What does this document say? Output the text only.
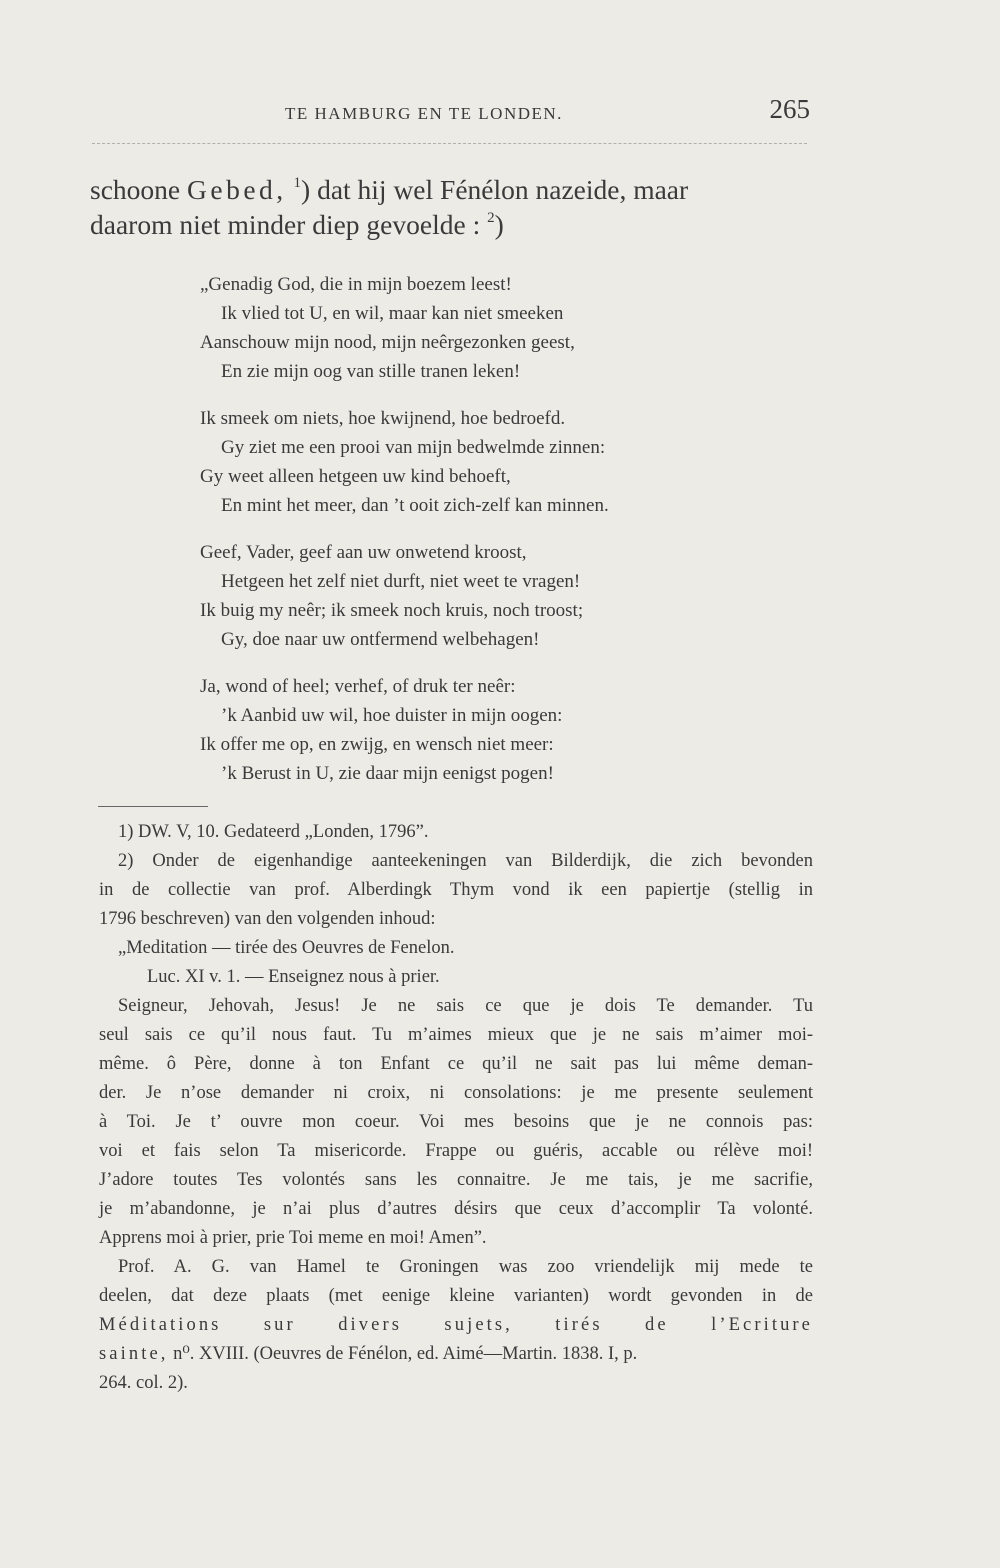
TE HAMBURG EN TE LONDEN.	265
schoone Gebed, $^1$) dat hij wel Fénélon nazeide, maar
daarom niet minder diep gevoelde : $^2$)
„Genadig God, die in mijn boezem leest!
Ik vlied tot U, en wil, maar kan niet smeeken
Aanschouw mijn nood, mijn neêrgezonken geest,
En zie mijn oog van stille tranen leken!
Ik smeek om niets, hoe kwijnend, hoe bedroefd.
Gy ziet me een prooi van mijn bedwelmde zinnen:
Gy weet alleen hetgeen uw kind behoeft,
En mint het meer, dan ’t ooit zich-zelf kan minnen.
Geef, Vader, geef aan uw onwetend kroost,
Hetgeen het zelf niet durft, niet weet te vragen!
Ik buig my neêr; ik smeek noch kruis, noch troost;
Gy, doe naar uw ontfermend welbehagen!
Ja, wond of heel; verhef, of druk ter neêr:
’k Aanbid uw wil, hoe duister in mijn oogen:
Ik offer me op, en zwijg, en wensch niet meer:
’k Berust in U, zie daar mijn eenigst pogen!
1) DW. V, 10. Gedateerd „Londen, 1796”.
2) Onder de eigenhandige aanteekeningen van Bilderdijk, die zich bevonden
in de collectie van prof. Alberdingk Thym vond ik een papiertje (stellig in
1796 beschreven) van den volgenden inhoud:
„Meditation — tirée des Oeuvres de Fenelon.
Luc. XI v. 1. — Enseignez nous à prier.
Seigneur, Jehovah, Jesus! Je ne sais ce que je dois Te demander. Tu
seul sais ce qu’il nous faut. Tu m’aimes mieux que je ne sais m’aimer moi-
même. ô Père, donne à ton Enfant ce qu’il ne sait pas lui même deman-
der. Je n’ose demander ni croix, ni consolations: je me presente seulement
à Toi. Je t’ ouvre mon coeur. Voi mes besoins que je ne connois pas:
voi et fais selon Ta misericorde. Frappe ou guéris, accable ou rélève moi!
J’adore toutes Tes volontés sans les connaitre. Je me tais, je me sacrifie,
je m’abandonne, je n’ai plus d’autres désirs que ceux d’accomplir Ta volonté.
Apprens moi à prier, prie Toi meme en moi! Amen”.
Prof. A. G. van Hamel te Groningen was zoo vriendelijk mij mede te
deelen, dat deze plaats (met eenige kleine varianten) wordt gevonden in de
Méditations sur divers sujets, tirés de l’Ecriture
sainte, n⁰. XVIII. (Oeuvres de Fénélon, ed. Aimé—Martin. 1838. I, p.
264. col. 2).
